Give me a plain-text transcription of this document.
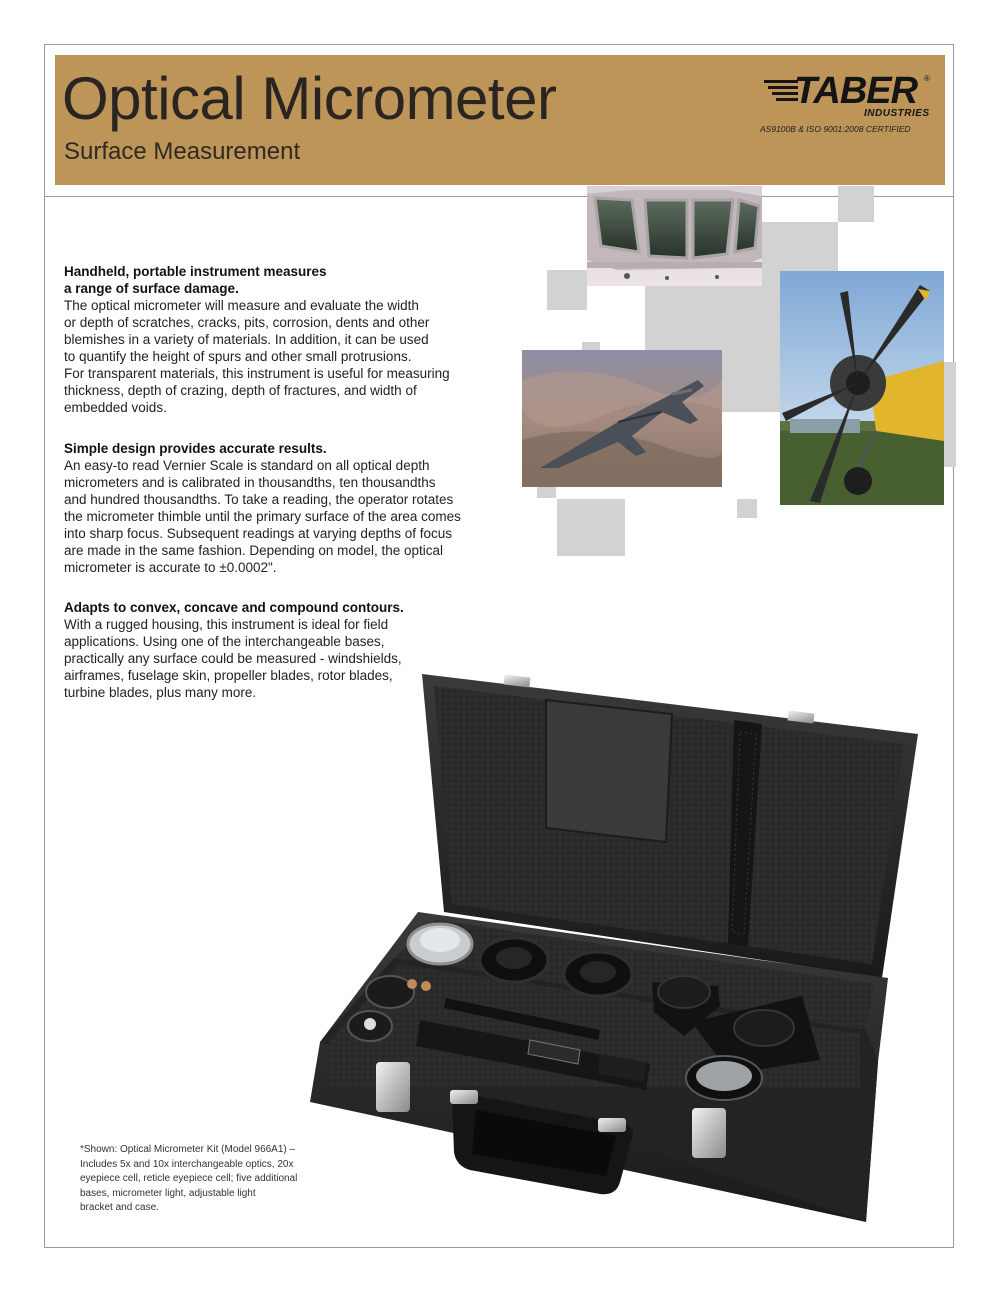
Optical Micrometer
Surface Measurement
TABER ®
INDUSTRIES
AS9100B & ISO 9001:2008 CERTIFIED
Handheld, portable instrument measures
a range of surface damage.

The optical micrometer will measure and evaluate the width

or depth of scratches, cracks, pits, corrosion, dents and other

blemishes in a variety of materials. In addition, it can be used

to quantify the height of spurs and other small protrusions.

For transparent materials, this instrument is useful for measuring

thickness, depth of crazing, depth of fractures, and width of

embedded voids.

Simple design provides accurate results.

An easy-to read Vernier Scale is standard on all optical depth

micrometers and is calibrated in thousandths, ten thousandths

and hundred thousandths. To take a reading, the operator rotates

the micrometer thimble until the primary surface of the area comes

into sharp focus. Subsequent readings at varying depths of focus

are made in the same fashion. Depending on model, the optical

micrometer is accurate to ±0.0002".

Adapts to convex, concave and compound contours.

With a rugged housing, this instrument is ideal for field

applications. Using one of the interchangeable bases,

practically any surface could be measured - windshields,

airframes, fuselage skin, propeller blades, rotor blades,

turbine blades, plus many more.

*Shown: Optical Micrometer Kit (Model 966A1) –
Includes 5x and 10x interchangeable optics, 20x
eyepiece cell, reticle eyepiece cell; five additional
bases, micrometer light, adjustable light
bracket and case.
